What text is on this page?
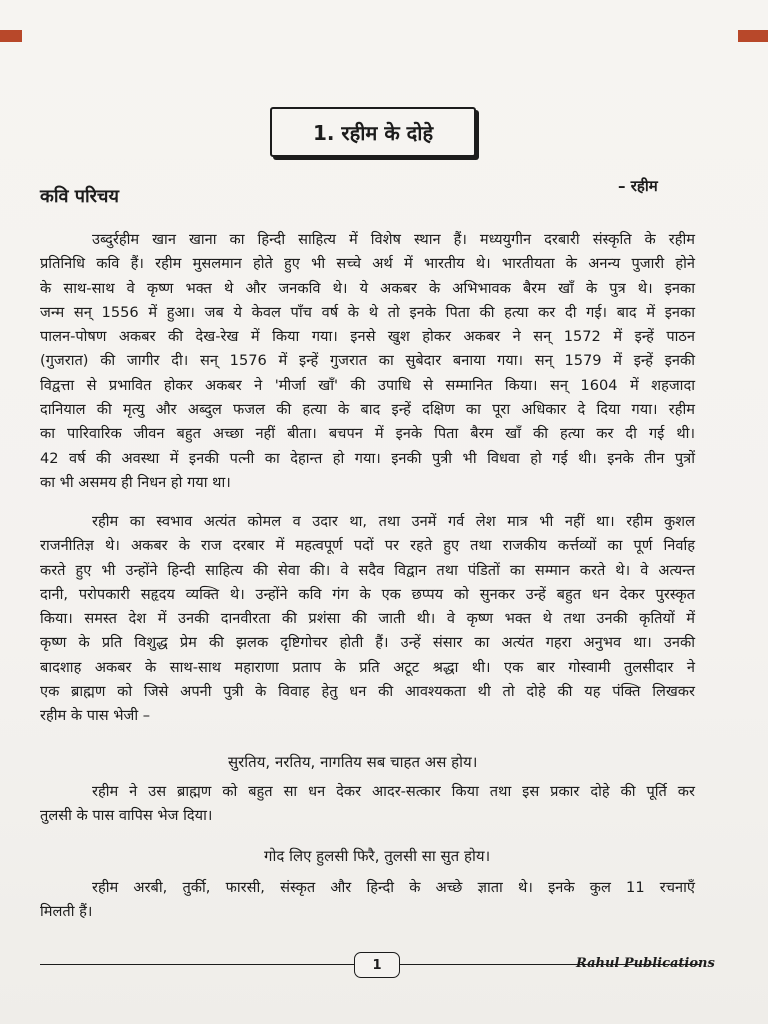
1. रहीम के दोहे
– रहीम
कवि परिचय
उब्दुर्रहीम खान खाना का हिन्दी साहित्य में विशेष स्थान हैं। मध्ययुगीन दरबारी संस्कृति के रहीम
प्रतिनिधि कवि हैं। रहीम मुसलमान होते हुए भी सच्चे अर्थ में भारतीय थे। भारतीयता के अनन्य पुजारी होने
के साथ-साथ वे कृष्ण भक्त थे और जनकवि थे। ये अकबर के अभिभावक बैरम खाँ के पुत्र थे। इनका
जन्म सन् 1556 में हुआ। जब ये केवल पाँच वर्ष के थे तो इनके पिता की हत्या कर दी गई। बाद में इनका
पालन-पोषण अकबर की देख-रेख में किया गया। इनसे खुश होकर अकबर ने सन् 1572 में इन्हें पाठन
(गुजरात) की जागीर दी। सन् 1576 में इन्हें गुजरात का सुबेदार बनाया गया। सन् 1579 में इन्हें इनकी
विद्वत्ता से प्रभावित होकर अकबर ने 'मीर्जा खाँ' की उपाधि से सम्मानित किया। सन् 1604 में शहजादा
दानियाल की मृत्यु और अब्दुल फजल की हत्या के बाद इन्हें दक्षिण का पूरा अधिकार दे दिया गया। रहीम
का पारिवारिक जीवन बहुत अच्छा नहीं बीता। बचपन में इनके पिता बैरम खाँ की हत्या कर दी गई थी।
42 वर्ष की अवस्था में इनकी पत्नी का देहान्त हो गया। इनकी पुत्री भी विधवा हो गई थी। इनके तीन पुत्रों
का भी असमय ही निधन हो गया था।
रहीम का स्वभाव अत्यंत कोमल व उदार था, तथा उनमें गर्व लेश मात्र भी नहीं था। रहीम कुशल
राजनीतिज्ञ थे। अकबर के राज दरबार में महत्वपूर्ण पदों पर रहते हुए तथा राजकीय कर्त्तव्यों का पूर्ण निर्वाह
करते हुए भी उन्होंने हिन्दी साहित्य की सेवा की। वे सदैव विद्वान तथा पंडितों का सम्मान करते थे। वे अत्यन्त
दानी, परोपकारी सहृदय व्यक्ति थे। उन्होंने कवि गंग के एक छप्पय को सुनकर उन्हें बहुत धन देकर पुरस्कृत
किया। समस्त देश में उनकी दानवीरता की प्रशंसा की जाती थी। वे कृष्ण भक्त थे तथा उनकी कृतियों में
कृष्ण के प्रति विशुद्ध प्रेम की झलक दृष्टिगोचर होती हैं। उन्हें संसार का अत्यंत गहरा अनुभव था। उनकी
बादशाह अकबर के साथ-साथ महाराणा प्रताप के प्रति अटूट श्रद्धा थी। एक बार गोस्वामी तुलसीदार ने
एक ब्राह्मण को जिसे अपनी पुत्री के विवाह हेतु धन की आवश्यकता थी तो दोहे की यह पंक्ति लिखकर
रहीम के पास भेजी –
सुरतिय, नरतिय, नागतिय सब चाहत अस होय।
रहीम ने उस ब्राह्मण को बहुत सा धन देकर आदर-सत्कार किया तथा इस प्रकार दोहे की पूर्ति कर
तुलसी के पास वापिस भेज दिया।
गोद लिए हुलसी फिरै, तुलसी सा सुत होय।
रहीम अरबी, तुर्की, फारसी, संस्कृत और हिन्दी के अच्छे ज्ञाता थे। इनके कुल 11 रचनाएँ
मिलती हैं।
1	Rahul Publications
